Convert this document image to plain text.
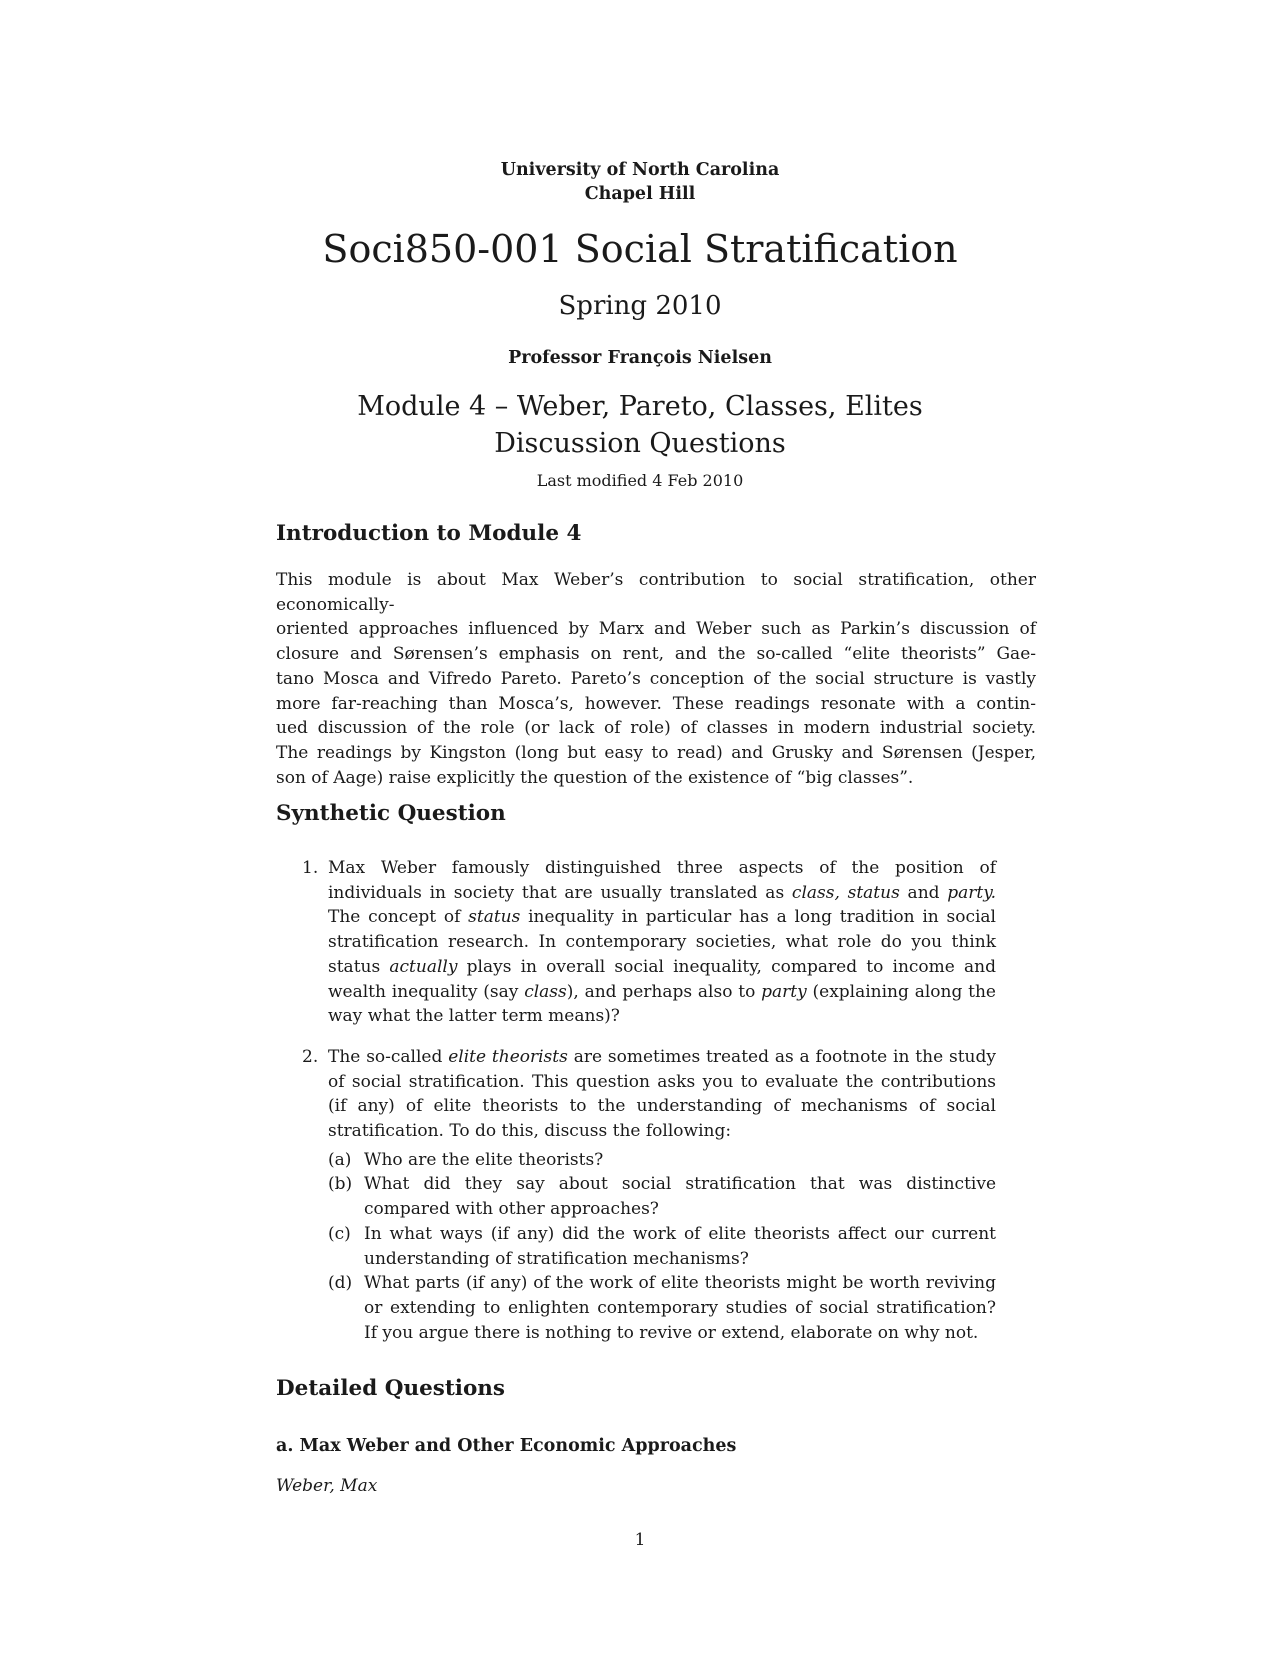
University of North Carolina
Chapel Hill
Soci850-001 Social Stratification
Spring 2010
Professor François Nielsen
Module 4 – Weber, Pareto, Classes, Elites
Discussion Questions
Last modified 4 Feb 2010
Introduction to Module 4
This module is about Max Weber’s contribution to social stratification, other economically-
oriented approaches influenced by Marx and Weber such as Parkin’s discussion of
closure and Sørensen’s emphasis on rent, and the so-called “elite theorists” Gae-
tano Mosca and Vifredo Pareto. Pareto’s conception of the social structure is vastly
more far-reaching than Mosca’s, however. These readings resonate with a contin-
ued discussion of the role (or lack of role) of classes in modern industrial society.
The readings by Kingston (long but easy to read) and Grusky and Sørensen (Jesper,
son of Aage) raise explicitly the question of the existence of “big classes”.
Synthetic Question
1. Max Weber famously distinguished three aspects of the position of individuals in society that are usually translated as class, status and party. The concept of status inequality in particular has a long tradition in social stratification research. In contemporary societies, what role do you think status actually plays in overall social inequality, compared to income and wealth inequality (say class), and perhaps also to party (explaining along the way what the latter term means)?
2. The so-called elite theorists are sometimes treated as a footnote in the study of social stratification. This question asks you to evaluate the contributions (if any) of elite theorists to the understanding of mechanisms of social stratification. To do this, discuss the following:
(a) Who are the elite theorists?
(b) What did they say about social stratification that was distinctive compared with other approaches?
(c) In what ways (if any) did the work of elite theorists affect our current understanding of stratification mechanisms?
(d) What parts (if any) of the work of elite theorists might be worth reviving or extending to enlighten contemporary studies of social stratification? If you argue there is nothing to revive or extend, elaborate on why not.
Detailed Questions
a. Max Weber and Other Economic Approaches
Weber, Max
1
